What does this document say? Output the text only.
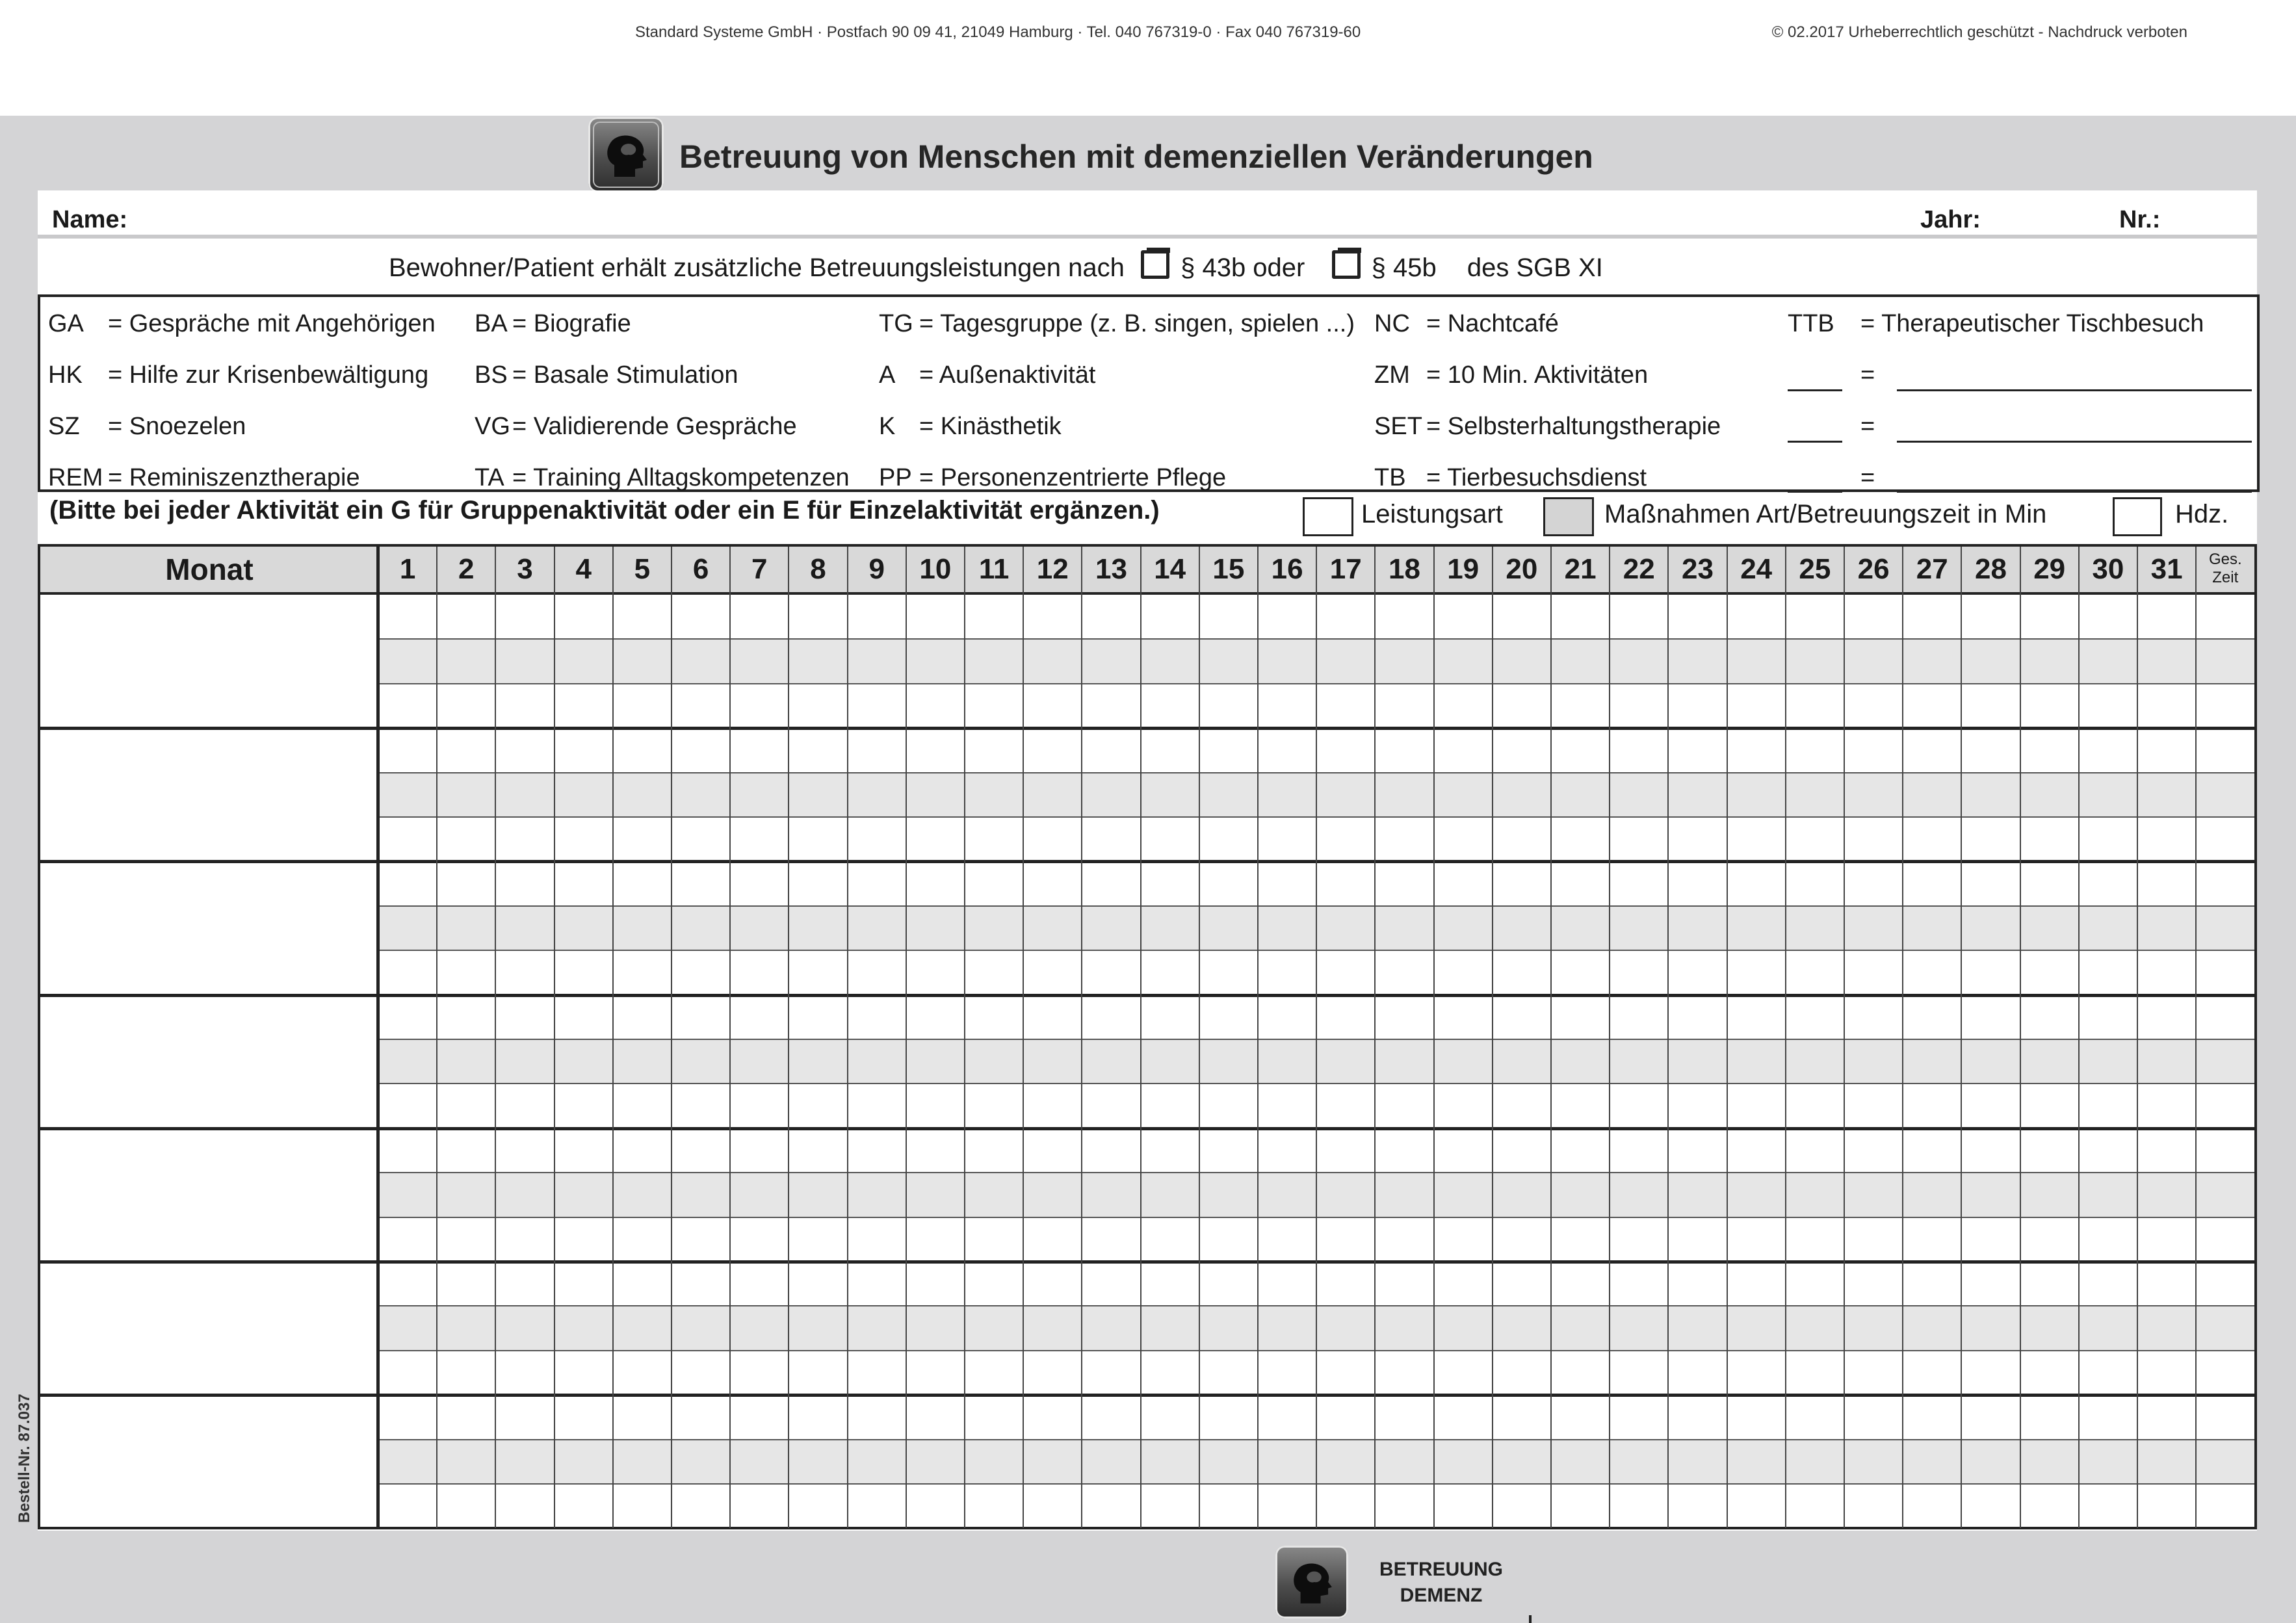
Standard Systeme GmbH · Postfach 90 09 41, 21049 Hamburg · Tel. 040 767319-0 · Fax 040 767319-60	© 02.2017 Urheberrechtlich geschützt - Nachdruck verboten
Betreuung von Menschen mit demenziellen Veränderungen
Name:	Jahr:	Nr.:
Bewohner/Patient erhält zusätzliche Betreuungsleistungen nach § 43b oder	§ 45b des SGB XI
GA = Gespräche mit Angehörigen BA = Biografie	TG = Tagesgruppe (z. B. singen, spielen ...) NC = Nachtcafé	TTB = Therapeutischer Tischbesuch
HK = Hilfe zur Krisenbewältigung BS = Basale Stimulation	A = Außenaktivität	ZM = 10 Min. Aktivitäten	=
SZ = Snoezelen	VG = Validierende Gespräche	K = Kinästhetik	SET = Selbsterhaltungstherapie	=
REM = Reminiszenztherapie	TA = Training Alltagskompetenzen PP = Personenzentrierte Pflege	TB = Tierbesuchsdienst	=
(Bitte bei jeder Aktivität ein G für Gruppenaktivität oder ein E für Einzelaktivität ergänzen.)	Leistungsart	Maßnahmen Art/Betreuungszeit in Min	Hdz.
Monat	1	2	3	4	5	6	7	8	9	10 11 12 13 14 15 16 17 18 19 20 21 22 23 24 25 26 27 28 29 30 31	Ges.
Zeit
Bestell-Nr. 87.037
BETREUUNG
DEMENZ
